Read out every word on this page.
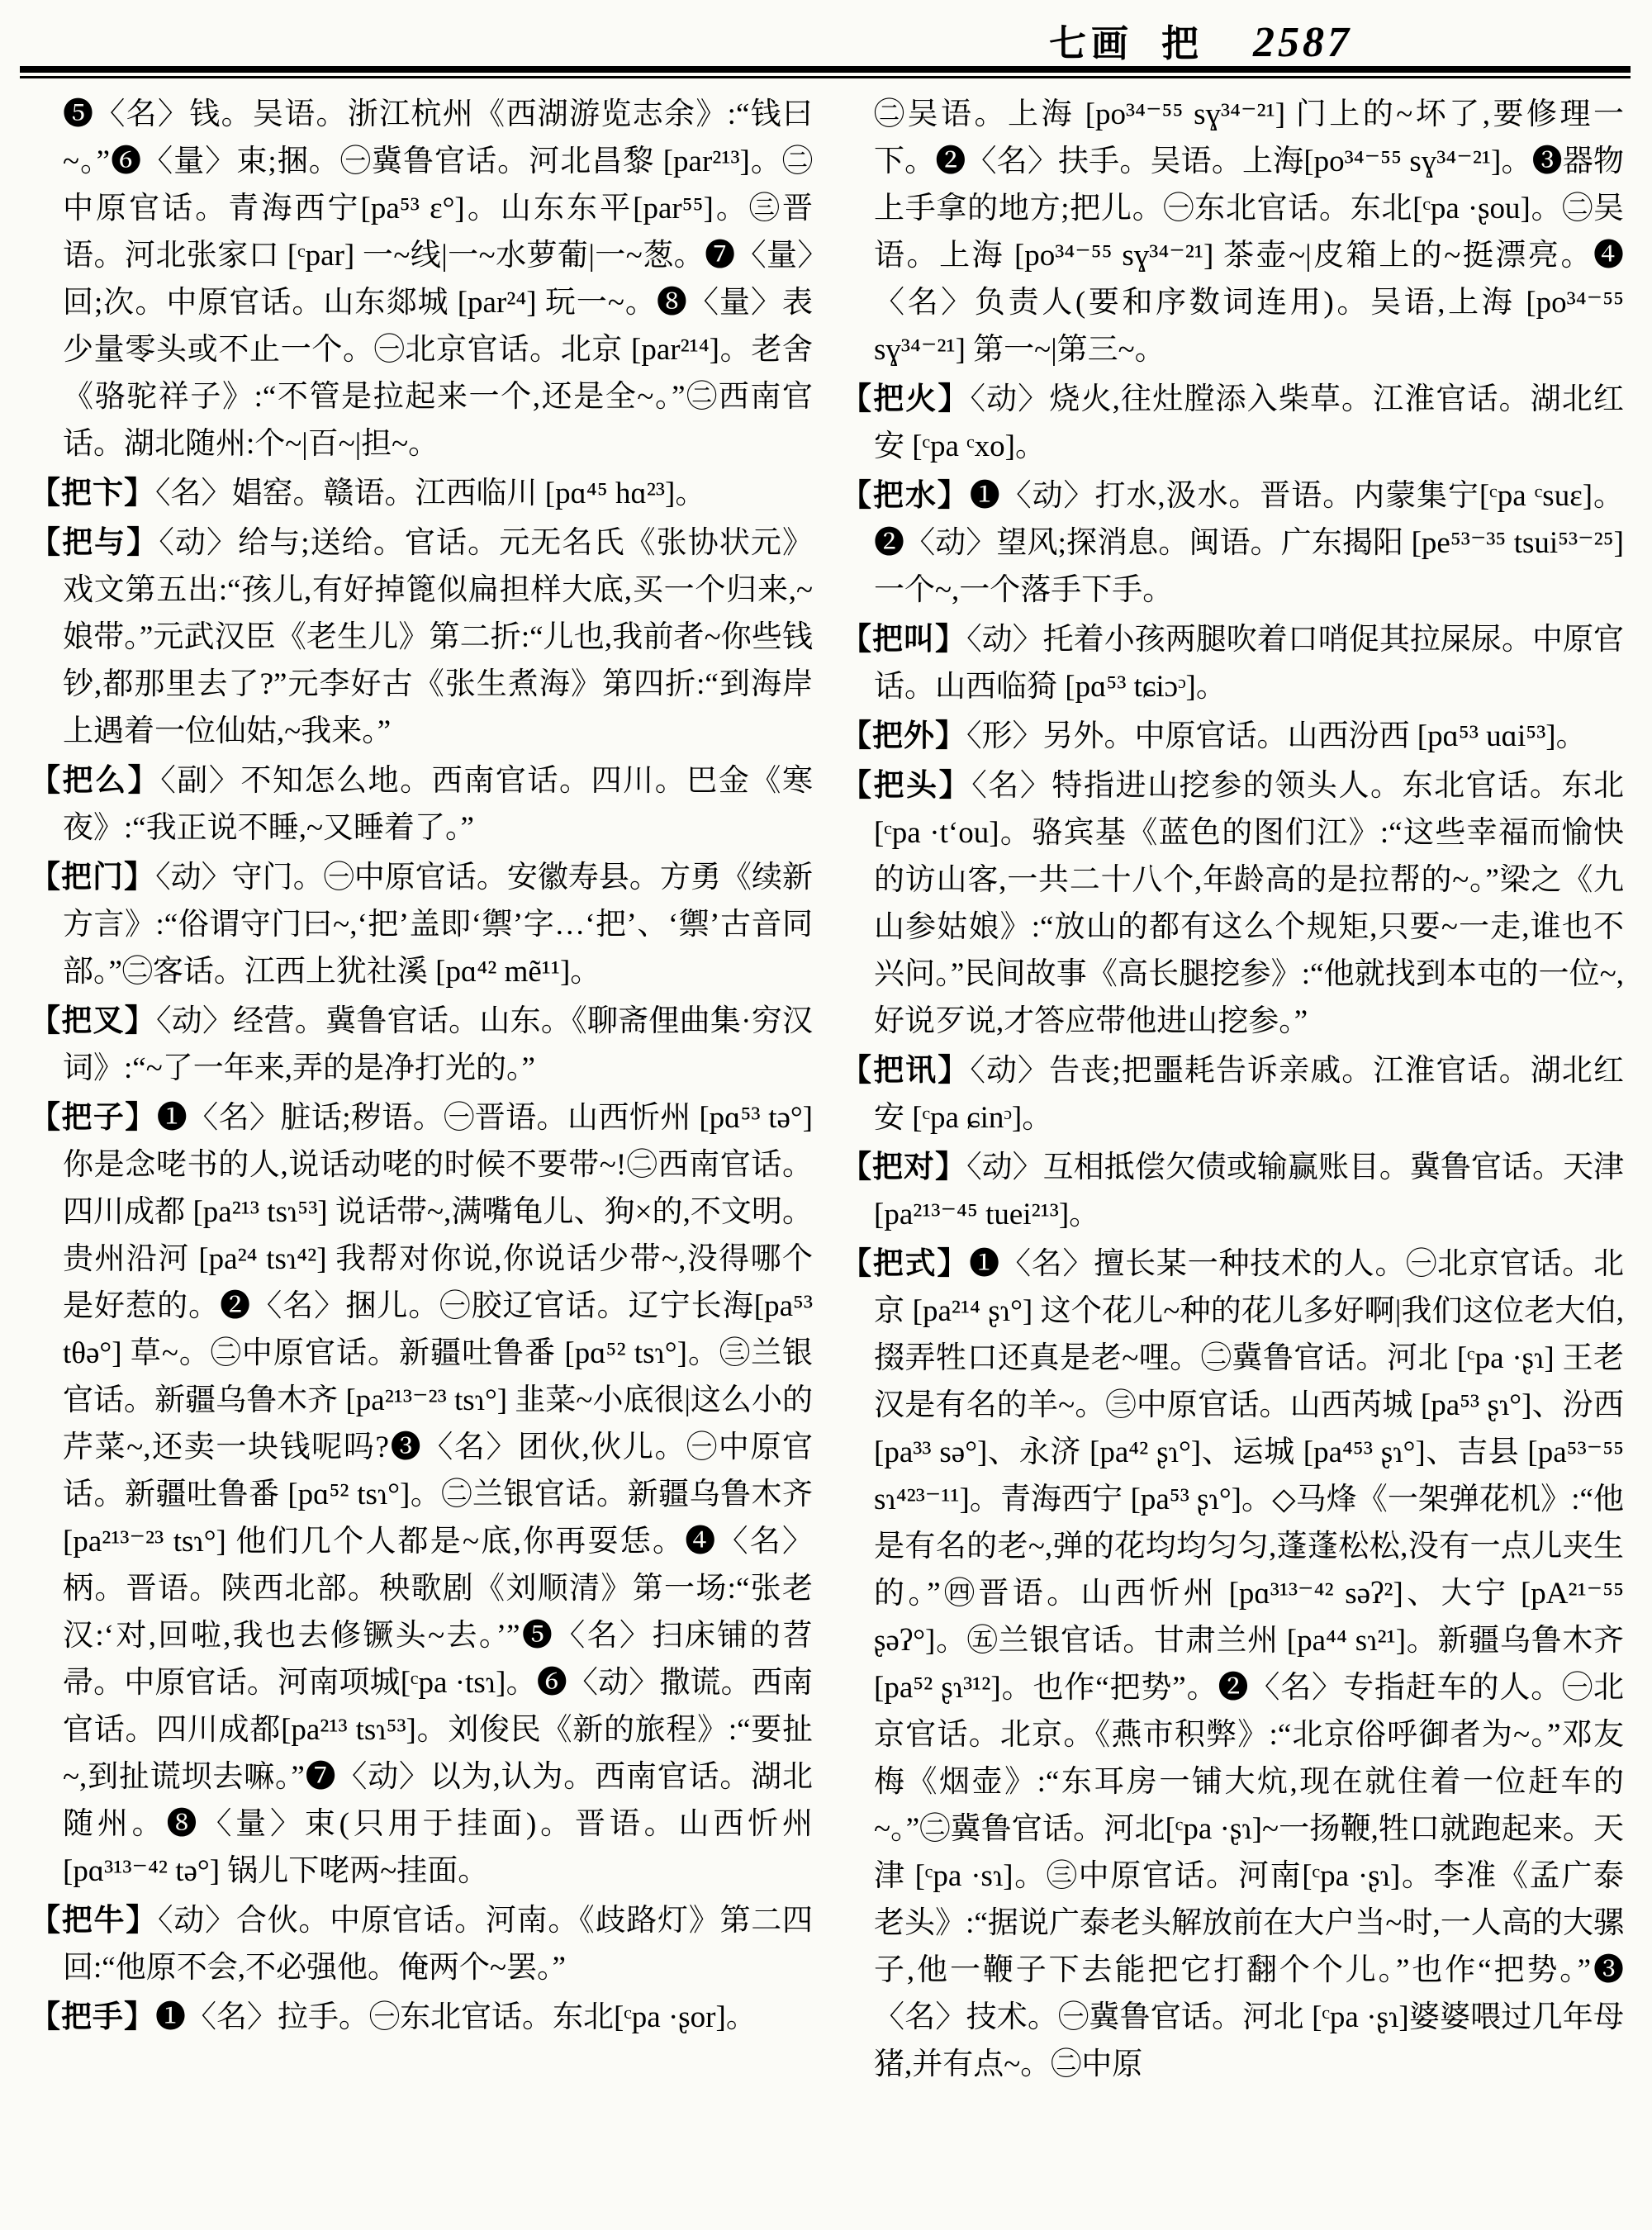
七画 把 2587

❺〈名〉钱。吴语。浙江杭州《西湖游览志余》:“钱曰~。”❻〈量〉束;捆。㊀冀鲁官话。河北昌黎 [par²¹³]。㊁中原官话。青海西宁[pa⁵³ ɛ°]。山东东平[par⁵⁵]。㊂晋语。河北张家口 [ᶜpar] 一~线|一~水萝葡|一~葱。❼〈量〉回;次。中原官话。山东郯城 [par²⁴] 玩一~。❽〈量〉表少量零头或不止一个。㊀北京官话。北京 [par²¹⁴]。老舍《骆驼祥子》:“不管是拉起来一个,还是全~。”㊁西南官话。湖北随州:个~|百~|担~。

【把卞】〈名〉娼窑。赣语。江西临川 [pɑ⁴⁵ hɑ²³]。

【把与】〈动〉给与;送给。官话。元无名氏《张协状元》戏文第五出:“孩儿,有好掉篦似扁担样大底,买一个归来,~娘带。”元武汉臣《老生儿》第二折:“儿也,我前者~你些钱钞,都那里去了?”元李好古《张生煮海》第四折:“到海岸上遇着一位仙姑,~我来。”

【把么】〈副〉不知怎么地。西南官话。四川。巴金《寒夜》:“我正说不睡,~又睡着了。”

【把门】〈动〉守门。㊀中原官话。安徽寿县。方勇《续新方言》:“俗谓守门曰~,‘把’盖即‘禦’字…‘把’、‘禦’古音同部。”㊁客话。江西上犹社溪 [pɑ⁴² mẽ¹¹]。

【把叉】〈动〉经营。冀鲁官话。山东。《聊斋俚曲集·穷汉词》:“~了一年来,弄的是净打光的。”

【把子】❶〈名〉脏话;秽语。㊀晋语。山西忻州 [pɑ⁵³ tə°] 你是念咾书的人,说话动咾的时候不要带~!㊁西南官话。四川成都 [pa²¹³ tsɿ⁵³] 说话带~,满嘴龟儿、狗×的,不文明。贵州沿河 [pa²⁴ tsɿ⁴²] 我帮对你说,你说话少带~,没得哪个是好惹的。❷〈名〉捆儿。㊀胶辽官话。辽宁长海[pa⁵³ tθə°] 草~。㊁中原官话。新疆吐鲁番 [pɑ⁵² tsɿ°]。㊂兰银官话。新疆乌鲁木齐 [pa²¹³⁻²³ tsɿ°] 韭菜~小底很|这么小的芹菜~,还卖一块钱呢吗?❸〈名〉团伙,伙儿。㊀中原官话。新疆吐鲁番 [pɑ⁵² tsɿ°]。㊁兰银官话。新疆乌鲁木齐 [pa²¹³⁻²³ tsɿ°] 他们几个人都是~底,你再耍恁。❹〈名〉柄。晋语。陕西北部。秧歌剧《刘顺清》第一场:“张老汉:‘对,回啦,我也去修镢头~去。’”❺〈名〉扫床铺的苕帚。中原官话。河南项城[ᶜpa ·tsɿ]。❻〈动〉撒谎。西南官话。四川成都[pa²¹³ tsɿ⁵³]。刘俊民《新的旅程》:“要扯~,到扯谎坝去嘛。”❼〈动〉以为,认为。西南官话。湖北随州。❽〈量〉束(只用于挂面)。晋语。山西忻州[pɑ³¹³⁻⁴² tə°] 锅儿下咾两~挂面。

【把牛】〈动〉合伙。中原官话。河南。《歧路灯》第二四回:“他原不会,不必强他。俺两个~罢。”

【把手】❶〈名〉拉手。㊀东北官话。东北[ᶜpa ·ʂor]。

㊁吴语。上海 [po³⁴⁻⁵⁵ sɣ³⁴⁻²¹] 门上的~坏了,要修理一下。❷〈名〉扶手。吴语。上海[po³⁴⁻⁵⁵ sɣ³⁴⁻²¹]。❸器物上手拿的地方;把儿。㊀东北官话。东北[ᶜpa ·ʂou]。㊁吴语。上海 [po³⁴⁻⁵⁵ sɣ³⁴⁻²¹] 茶壶~|皮箱上的~挺漂亮。❹〈名〉负责人(要和序数词连用)。吴语,上海 [po³⁴⁻⁵⁵ sɣ³⁴⁻²¹] 第一~|第三~。

【把火】〈动〉烧火,往灶膛添入柴草。江淮官话。湖北红安 [ᶜpa ᶜxo]。

【把水】❶〈动〉打水,汲水。晋语。内蒙集宁[ᶜpa ᶜsuɛ]。❷〈动〉望风;探消息。闽语。广东揭阳 [pe⁵³⁻³⁵ tsui⁵³⁻²⁵] 一个~,一个落手下手。

【把叫】〈动〉托着小孩两腿吹着口哨促其拉屎尿。中原官话。山西临猗 [pɑ⁵³ tɕiɔᵓ]。

【把外】〈形〉另外。中原官话。山西汾西 [pɑ⁵³ uɑi⁵³]。

【把头】〈名〉特指进山挖参的领头人。东北官话。东北[ᶜpa ·tʻou]。骆宾基《蓝色的图们江》:“这些幸福而愉快的访山客,一共二十八个,年龄高的是拉帮的~。”梁之《九山参姑娘》:“放山的都有这么个规矩,只要~一走,谁也不兴问。”民间故事《高长腿挖参》:“他就找到本屯的一位~,好说歹说,才答应带他进山挖参。”

【把讯】〈动〉告丧;把噩耗告诉亲戚。江淮官话。湖北红安 [ᶜpa ɕinᵓ]。

【把对】〈动〉互相抵偿欠债或输赢账目。冀鲁官话。天津 [pa²¹³⁻⁴⁵ tuei²¹³]。

【把式】❶〈名〉擅长某一种技术的人。㊀北京官话。北京 [pa²¹⁴ ʂɿ°] 这个花儿~种的花儿多好啊|我们这位老大伯,掇弄牲口还真是老~哩。㊁冀鲁官话。河北 [ᶜpa ·ʂɿ] 王老汉是有名的羊~。㊂中原官话。山西芮城 [pa⁵³ ʂɿ°]、汾西 [pa³³ sə°]、永济 [pa⁴² ʂɿ°]、运城 [pa⁴⁵³ ʂɿ°]、吉县 [pa⁵³⁻⁵⁵ sɿ⁴²³⁻¹¹]。青海西宁 [pa⁵³ ʂɿ°]。◇马烽《一架弹花机》:“他是有名的老~,弹的花均均匀匀,蓬蓬松松,没有一点儿夹生的。”㊃晋语。山西忻州 [pɑ³¹³⁻⁴² səʔ²]、大宁 [pA²¹⁻⁵⁵ ʂəʔ°]。㊄兰银官话。甘肃兰州 [pa⁴⁴ sɿ²¹]。新疆乌鲁木齐[pa⁵² ʂɿ³¹²]。也作“把势”。❷〈名〉专指赶车的人。㊀北京官话。北京。《燕市积弊》:“北京俗呼御者为~。”邓友梅《烟壶》:“东耳房一铺大炕,现在就住着一位赶车的~。”㊁冀鲁官话。河北[ᶜpa ·ʂɿ]~一扬鞭,牲口就跑起来。天津 [ᶜpa ·sɿ]。㊂中原官话。河南[ᶜpa ·ʂɿ]。李准《孟广泰老头》:“据说广泰老头解放前在大户当~时,一人高的大骡子,他一鞭子下去能把它打翻个个儿。”也作“把势。”❸〈名〉技术。㊀冀鲁官话。河北 [ᶜpa ·ʂɿ]婆婆喂过几年母猪,并有点~。㊁中原
